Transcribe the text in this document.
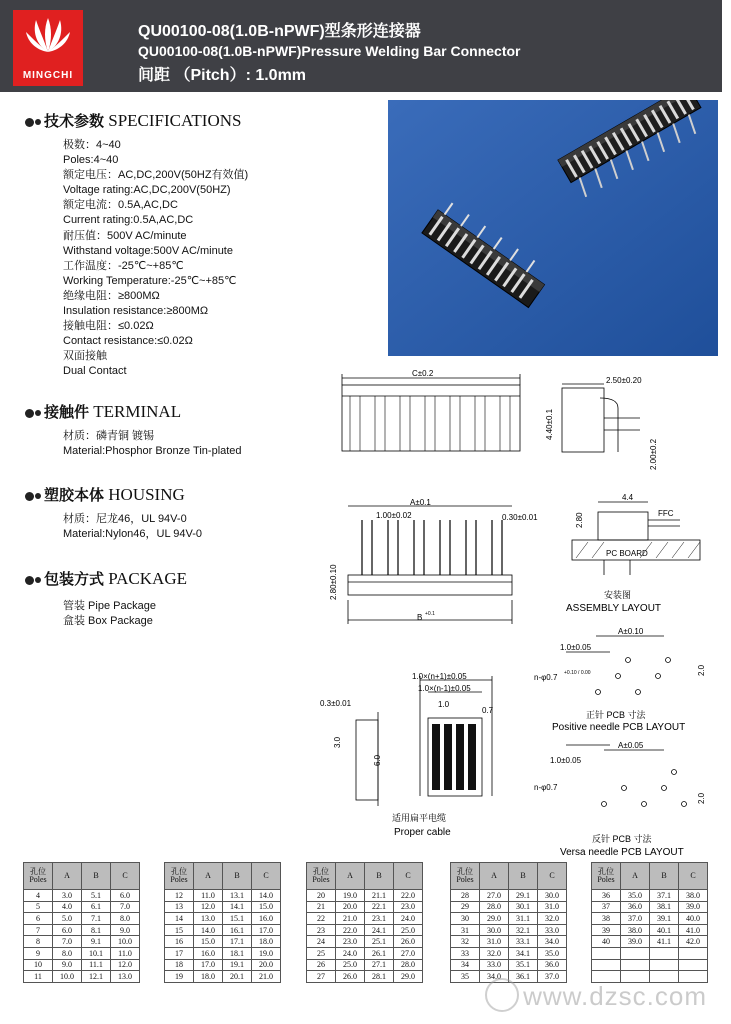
MINGCHI
QU00100-08(1.0B-nPWF)型条形连接器
QU00100-08(1.0B-nPWF)Pressure Welding Bar Connector
间距 （Pitch）: 1.0mm
技术参数 SPECIFICATIONS
极数：4~40
Poles:4~40
额定电压：AC,DC,200V(50HZ有效值)
Voltage rating:AC,DC,200V(50HZ)
额定电流：0.5A,AC,DC
Current rating:0.5A,AC,DC
耐压值：500V AC/minute
Withstand voltage:500V AC/minute
工作温度：-25℃~+85℃
Working Temperature:-25℃~+85℃
绝缘电阻：≥800MΩ
Insulation resistance:≥800MΩ
接触电阻：≤0.02Ω
Contact resistance:≤0.02Ω
双面接触
Dual Contact
接触件 TERMINAL
材质：磷青铜 镀锡
Material:Phosphor Bronze Tin-plated
塑胶本体 HOUSING
材质：尼龙46，UL 94V-0
Material:Nylon46，UL 94V-0
包装方式 PACKAGE
管装 Pipe Package
盒装 Box Package
C±0.2
2.50±0.20
4.40±0.1
2.00±0.2
A±0.1
1.00±0.02	0.30±0.01
2.80±0.10
B +0.1
4.4
2.80	FFC
PC BOARD
安装图
ASSEMBLY LAYOUT
1.0×(n+1)±0.05
1.0×(n-1)±0.05
1.0
0.7
0.3±0.01
3.0
6.0
适用扁平电缆
Proper cable
A±0.10
1.0±0.05
n-φ0.7 +0.10 / 0.00	2.0
正针 PCB 寸法
Positive needle PCB LAYOUT
A±0.05
1.0±0.05
n-φ0.7
2.0
反针 PCB 寸法
Versa needle PCB LAYOUT
孔位
Poles	A	B	C
4	3.0	5.1	6.0
5	4.0	6.1	7.0
6	5.0	7.1	8.0
7	6.0	8.1	9.0
8	7.0	9.1	10.0
9	8.0	10.1	11.0
10	9.0	11.1	12.0
11	10.0	12.1	13.0
孔位
Poles	A	B	C
12	11.0	13.1	14.0
13	12.0	14.1	15.0
14	13.0	15.1	16.0
15	14.0	16.1	17.0
16	15.0	17.1	18.0
17	16.0	18.1	19.0
18	17.0	19.1	20.0
19	18.0	20.1	21.0
孔位
Poles	A	B	C
20	19.0	21.1	22.0
21	20.0	22.1	23.0
22	21.0	23.1	24.0
23	22.0	24.1	25.0
24	23.0	25.1	26.0
25	24.0	26.1	27.0
26	25.0	27.1	28.0
27	26.0	28.1	29.0
孔位
Poles	A	B	C
28	27.0	29.1	30.0
29	28.0	30.1	31.0
30	29.0	31.1	32.0
31	30.0	32.1	33.0
32	31.0	33.1	34.0
33	32.0	34.1	35.0
34	33.0	35.1	36.0
35	34.0	36.1	37.0
孔位
Poles	A	B	C
36	35.0	37.1	38.0
37	36.0	38.1	39.0
38	37.0	39.1	40.0
39	38.0	40.1	41.0
40	39.0	41.1	42.0

www.dzsc.com
